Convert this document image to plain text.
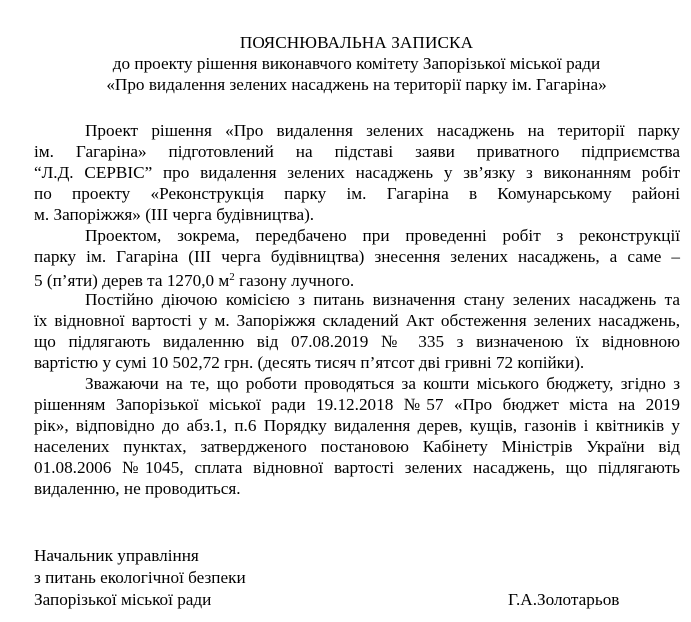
ПОЯСНЮВАЛЬНА ЗАПИСКА
до проекту рішення виконавчого комітету Запорізької міської ради
«Про видалення зелених насаджень на території парку ім. Гагаріна»
Проект рішення «Про видалення зелених насаджень на території парку
ім. Гагаріна» підготовлений на підставі заяви приватного підприємства
“Л.Д. СЕРВІС” про видалення зелених насаджень у зв’язку з виконанням робіт
по проекту «Реконструкція парку ім. Гагаріна в Комунарському районі
м. Запоріжжя» (III черга будівництва).
Проектом, зокрема, передбачено при проведенні робіт з реконструкції
парку ім. Гагаріна (III черга будівництва) знесення зелених насаджень, а саме –
5 (п’яти) дерев та 1270,0 $м^2$ газону лучного.
Постійно діючою комісією з питань визначення стану зелених насаджень та
їх відновної вартості у м. Запоріжжя складений Акт обстеження зелених насаджень,
що підлягають видаленню від 07.08.2019 № 335 з визначеною їх відновною
вартістю у сумі 10 502,72 грн. (десять тисяч п’ятсот дві гривні 72 копійки).
Зважаючи на те, що роботи проводяться за кошти міського бюджету, згідно з
рішенням Запорізької міської ради 19.12.2018 №57 «Про бюджет міста на 2019
рік», відповідно до абз.1, п.6 Порядку видалення дерев, кущів, газонів і квітників у
населених пунктах, затвердженого постановою Кабінету Міністрів України від
01.08.2006 №1045, сплата відновної вартості зелених насаджень, що підлягають
видаленню, не проводиться.
Начальник управління
з питань екологічної безпеки
Запорізької міської ради	Г.А.Золотарьов
